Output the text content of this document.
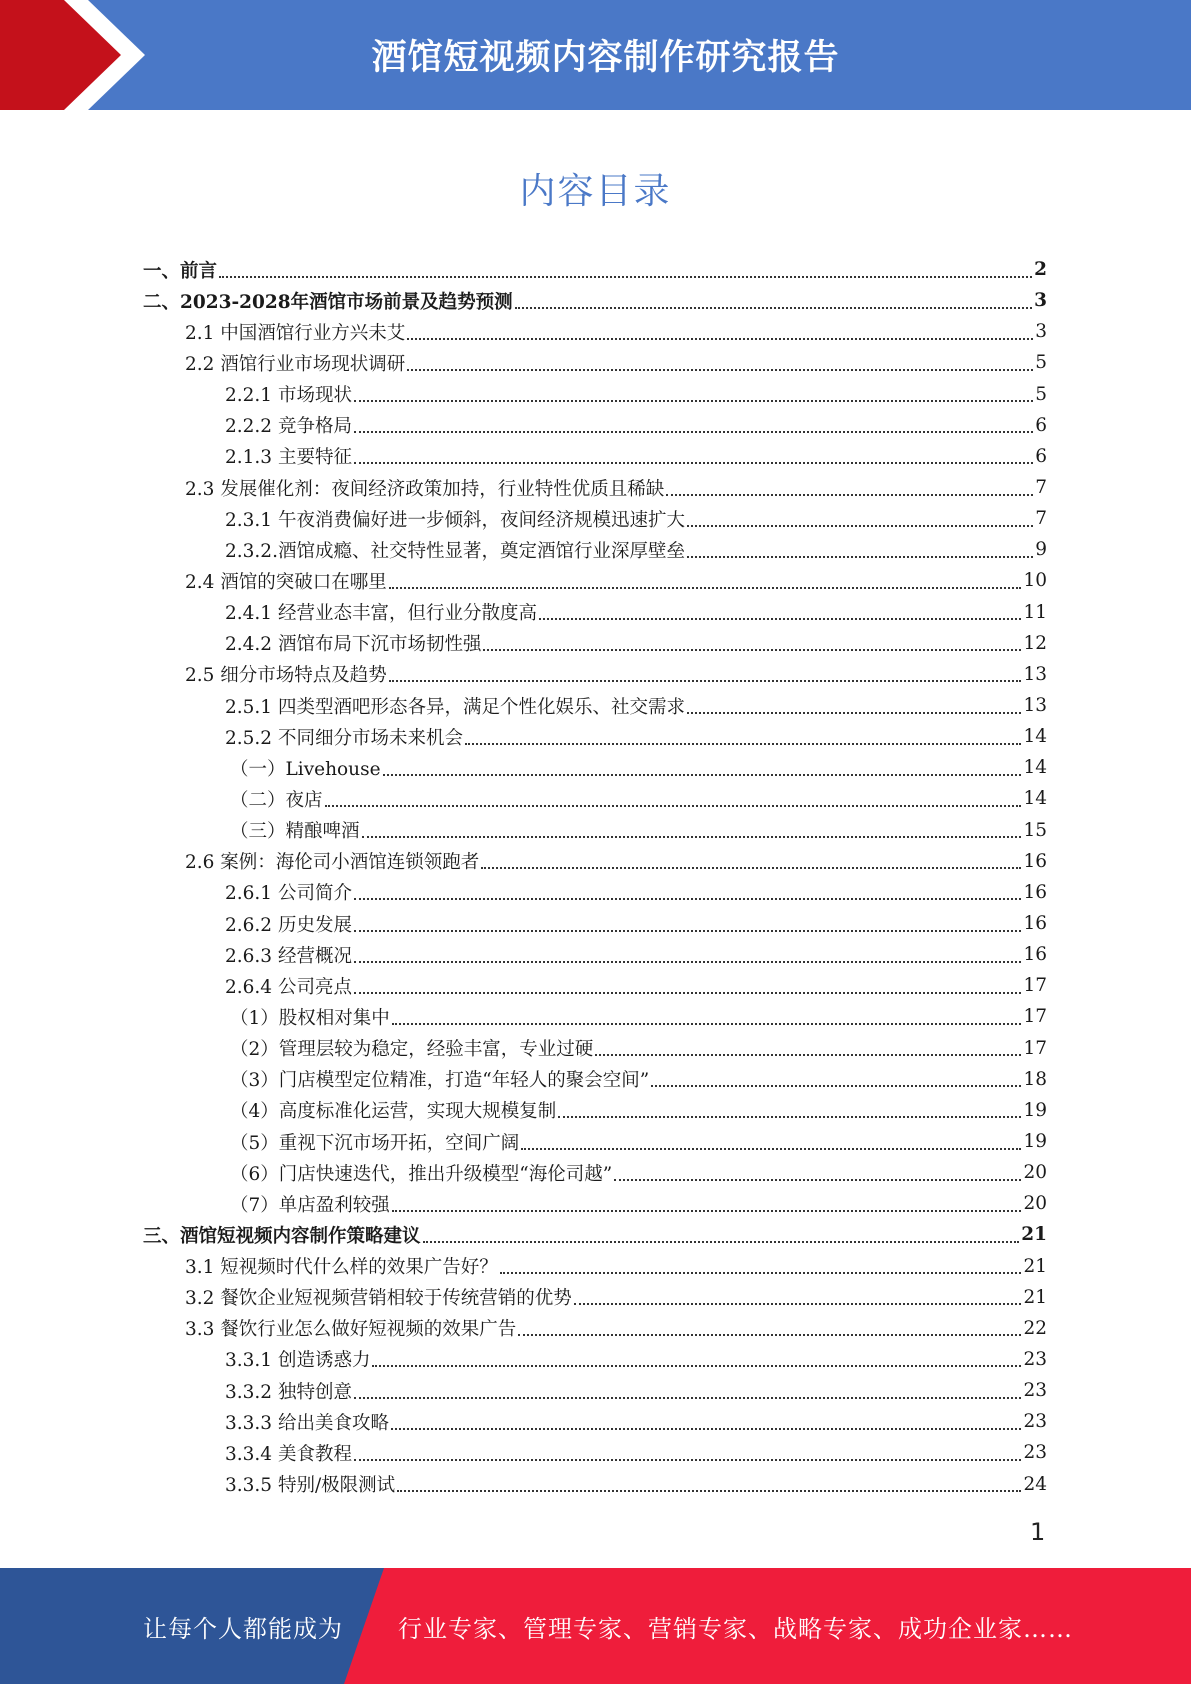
酒馆短视频内容制作研究报告
内容目录
一、前言	2
二、2023-2028年酒馆市场前景及趋势预测	3
2.1 中国酒馆行业方兴未艾	3
2.2 酒馆行业市场现状调研	5
2.2.1 市场现状	5
2.2.2 竞争格局	6
2.1.3 主要特征	6
2.3 发展催化剂：夜间经济政策加持，行业特性优质且稀缺	7
2.3.1 午夜消费偏好进一步倾斜，夜间经济规模迅速扩大	7
2.3.2.酒馆成瘾、社交特性显著，奠定酒馆行业深厚壁垒	9
2.4 酒馆的突破口在哪里	10
2.4.1 经营业态丰富，但行业分散度高	11
2.4.2 酒馆布局下沉市场韧性强	12
2.5 细分市场特点及趋势	13
2.5.1 四类型酒吧形态各异，满足个性化娱乐、社交需求	13
2.5.2 不同细分市场未来机会	14
（一）Livehouse	14
（二）夜店	14
（三）精酿啤酒	15
2.6 案例：海伦司小酒馆连锁领跑者	16
2.6.1 公司简介	16
2.6.2 历史发展	16
2.6.3 经营概况	16
2.6.4 公司亮点	17
（1）股权相对集中	17
（2）管理层较为稳定，经验丰富，专业过硬	17
（3）门店模型定位精准，打造“年轻人的聚会空间”	18
（4）高度标准化运营，实现大规模复制	19
（5）重视下沉市场开拓，空间广阔	19
（6）门店快速迭代，推出升级模型“海伦司越”	20
（7）单店盈利较强	20
三、酒馆短视频内容制作策略建议	21
3.1 短视频时代什么样的效果广告好？	21
3.2 餐饮企业短视频营销相较于传统营销的优势	21
3.3 餐饮行业怎么做好短视频的效果广告	22
3.3.1 创造诱惑力	23
3.3.2 独特创意	23
3.3.3 给出美食攻略	23
3.3.4 美食教程	23
3.3.5 特别/极限测试	24
1
让每个人都能成为 行业专家、管理专家、营销专家、战略专家、成功企业家……
